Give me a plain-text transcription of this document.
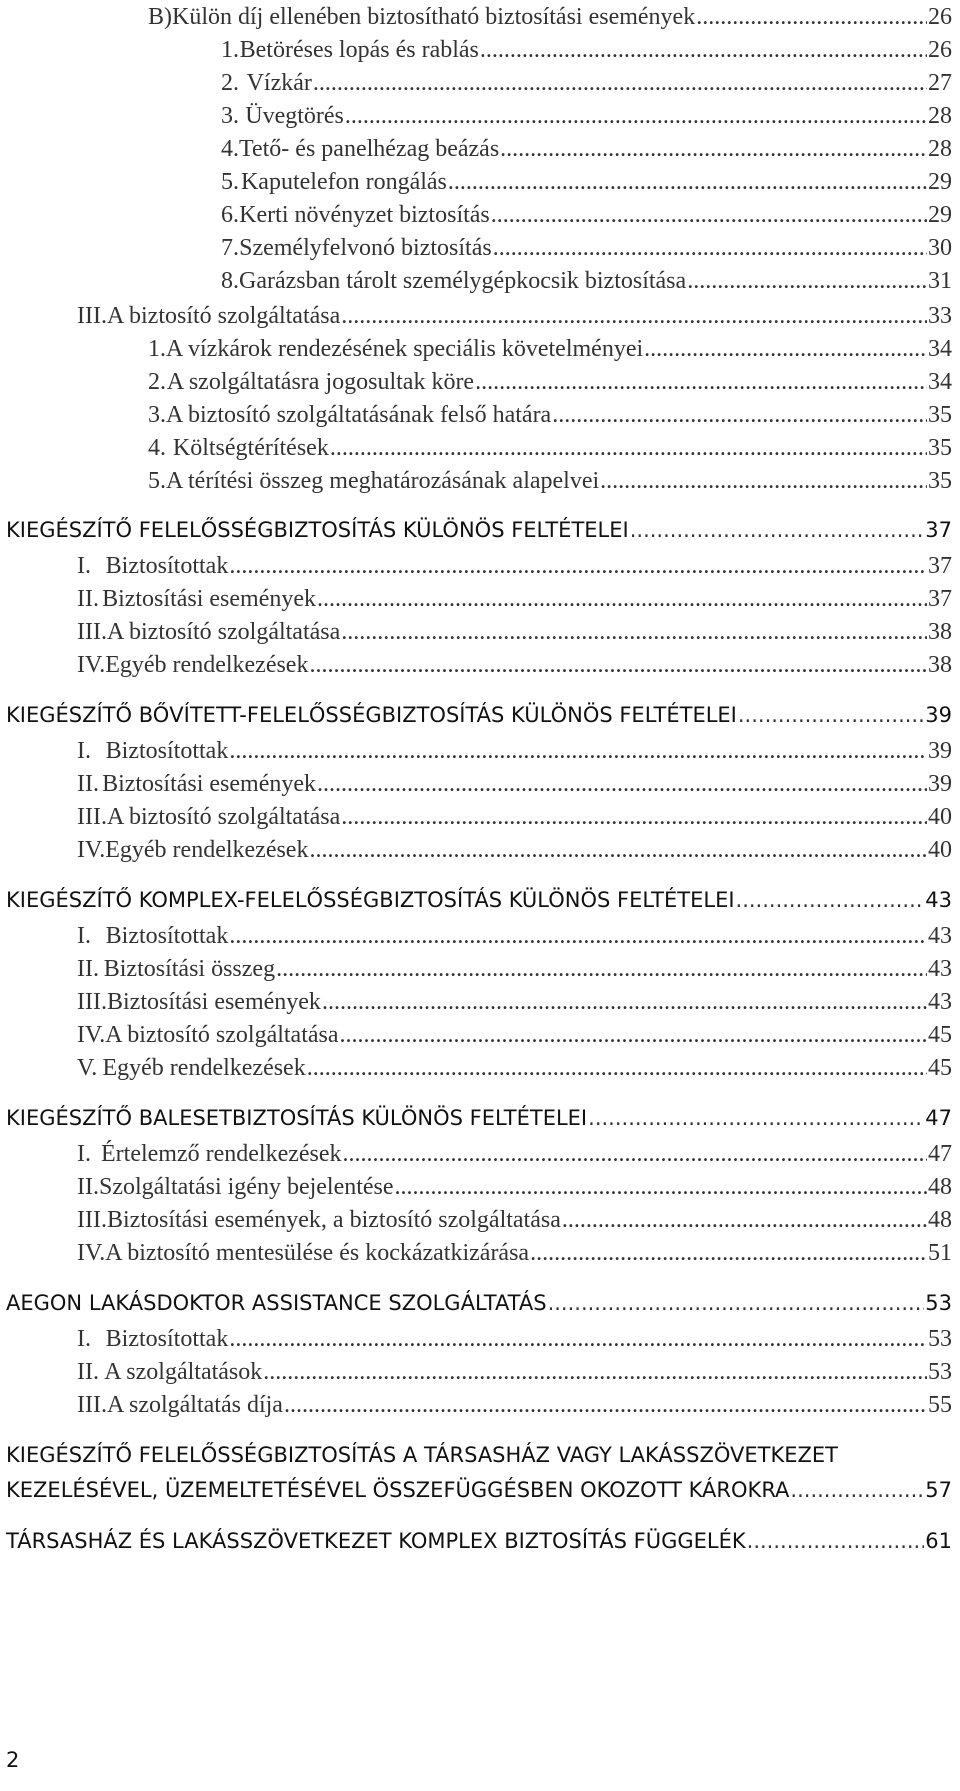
B) Külön díj ellenében biztosítható biztosítási események .....	26
1. Betöréses lopás és rablás .....	26
2. Vízkár .....	27
3. Üvegtörés .....	28
4. Tető- és panelhézag beázás .....	28
5. Kaputelefon rongálás .....	29
6. Kerti növényzet biztosítás .....	29
7. Személyfelvonó biztosítás .....	30
8. Garázsban tárolt személygépkocsik biztosítása .....	31
III. A biztosító szolgáltatása .....	33
1. A vízkárok rendezésének speciális követelményei .....	34
2. A szolgáltatásra jogosultak köre .....	34
3. A biztosító szolgáltatásának felső határa .....	35
4. Költségtérítések .....	35
5. A térítési összeg meghatározásának alapelvei .....	35
KIEGÉSZÍTŐ FELELŐSSÉGBIZTOSÍTÁS KÜLÖNÖS FELTÉTELEI .....	37
I. Biztosítottak .....	37
II. Biztosítási események .....	37
III. A biztosító szolgáltatása .....	38
IV. Egyéb rendelkezések .....	38
KIEGÉSZÍTŐ BŐVÍTETT-FELELŐSSÉGBIZTOSÍTÁS KÜLÖNÖS FELTÉTELEI .....	39
I. Biztosítottak .....	39
II. Biztosítási események .....	39
III. A biztosító szolgáltatása .....	40
IV. Egyéb rendelkezések .....	40
KIEGÉSZÍTŐ KOMPLEX-FELELŐSSÉGBIZTOSÍTÁS KÜLÖNÖS FELTÉTELEI .....	43
I. Biztosítottak .....	43
II. Biztosítási összeg .....	43
III. Biztosítási események .....	43
IV. A biztosító szolgáltatása .....	45
V. Egyéb rendelkezések .....	45
KIEGÉSZÍTŐ BALESETBIZTOSÍTÁS KÜLÖNÖS FELTÉTELEI .....	47
I. Értelemző rendelkezések .....	47
II. Szolgáltatási igény bejelentése .....	48
III. Biztosítási események, a biztosító szolgáltatása .....	48
IV. A biztosító mentesülése és kockázatkizárása .....	51
AEGON LAKÁSDOKTOR ASSISTANCE SZOLGÁLTATÁS .....	53
I. Biztosítottak .....	53
II. A szolgáltatások .....	53
III. A szolgáltatás díja .....	55
KIEGÉSZÍTŐ FELELŐSSÉGBIZTOSÍTÁS A TÁRSASHÁZ VAGY LAKÁSSZÖVETKEZET
KEZELÉSÉVEL, ÜZEMELTETÉSÉVEL ÖSSZEFÜGGÉSBEN OKOZOTT KÁROKRA .....	57
TÁRSASHÁZ ÉS LAKÁSSZÖVETKEZET KOMPLEX BIZTOSÍTÁS FÜGGELÉK .....	61
2
